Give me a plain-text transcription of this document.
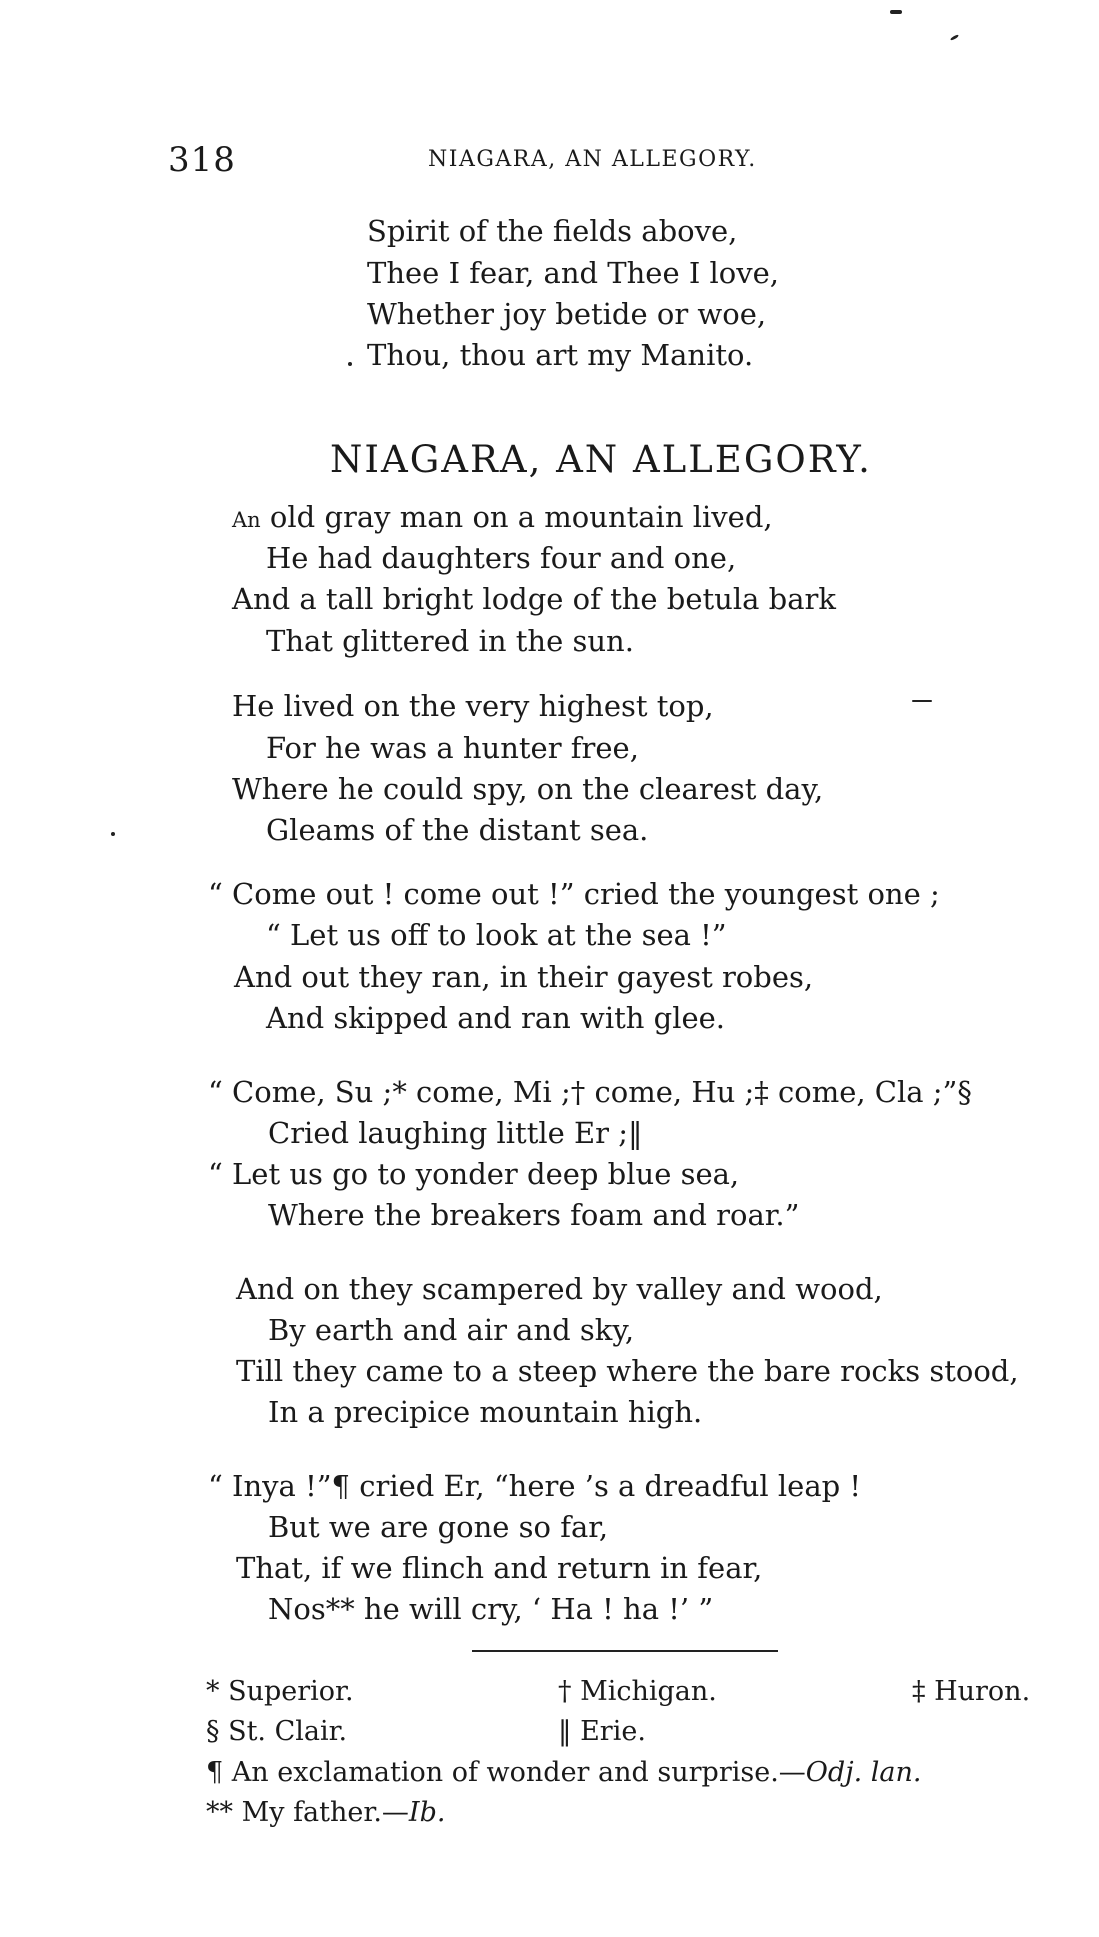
318	NIAGARA, AN ALLEGORY.
Spirit of the fields above,
Thee I fear, and Thee I love,
Whether joy betide or woe,
Thou, thou art my Manito.
NIAGARA, AN ALLEGORY.
An old gray man on a mountain lived,
He had daughters four and one,
And a tall bright lodge of the betula bark
That glittered in the sun.
He lived on the very highest top,
For he was a hunter free,
Where he could spy, on the clearest day,
Gleams of the distant sea.
“ Come out ! come out !” cried the youngest one ;
“ Let us off to look at the sea !”
And out they ran, in their gayest robes,
And skipped and ran with glee.
“ Come, Su ;* come, Mi ;† come, Hu ;‡ come, Cla ;”§
Cried laughing little Er ;‖
“ Let us go to yonder deep blue sea,
Where the breakers foam and roar.”
And on they scampered by valley and wood,
By earth and air and sky,
Till they came to a steep where the bare rocks stood,
In a precipice mountain high.
“ Inya !”¶ cried Er, “here ’s a dreadful leap !
But we are gone so far,
That, if we flinch and return in fear,
Nos** he will cry, ‘ Ha ! ha !’ ”
* Superior.	† Michigan.	‡ Huron.
§ St. Clair.	‖ Erie.
¶ An exclamation of wonder and surprise.—Odj. lan.
** My father.—Ib.
